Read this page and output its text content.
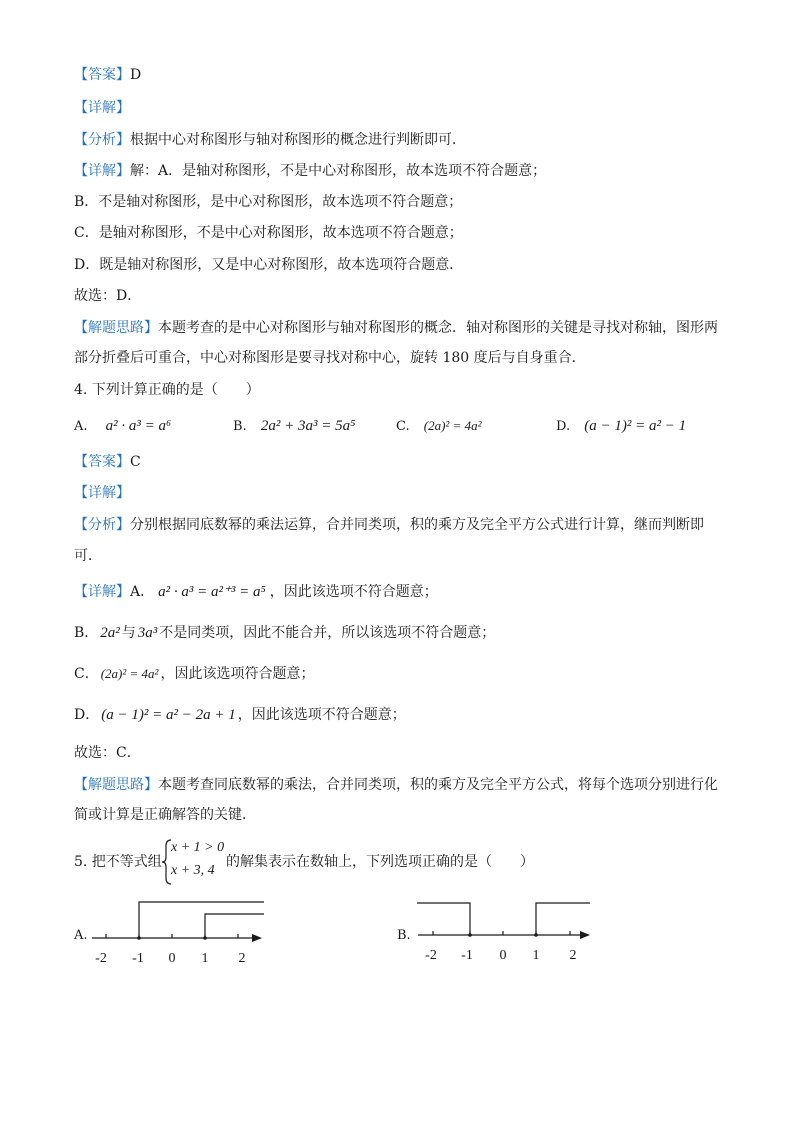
【答案】D
【详解】
【分析】根据中心对称图形与轴对称图形的概念进行判断即可．
【详解】解：A．是轴对称图形，不是中心对称图形，故本选项不符合题意；
B．不是轴对称图形，是中心对称图形，故本选项不符合题意；
C．是轴对称图形，不是中心对称图形，故本选项不符合题意；
D．既是轴对称图形，又是中心对称图形，故本选项符合题意．
故选：D．
【解题思路】本题考查的是中心对称图形与轴对称图形的概念．轴对称图形的关键是寻找对称轴，图形两
部分折叠后可重合，中心对称图形是要寻找对称中心，旋转 180 度后与自身重合．
4. 下列计算正确的是（　　）
A. a² · a³ = a⁶	B. 2a² + 3a³ = 5a⁵	C. (2a)² = 4a²	D. (a − 1)² = a² − 1
【答案】C
【详解】
【分析】分别根据同底数幂的乘法运算，合并同类项，积的乘方及完全平方公式进行计算，继而判断即
可．
【详解】A． a² · a³ = a²⁺³ = a⁵ ，因此该选项不符合题意；
B． 2a² 与 3a³ 不是同类项，因此不能合并，所以该选项不符合题意；
C． (2a)² = 4a² ，因此该选项符合题意；
D． (a − 1)² = a² − 2a + 1 ，因此该选项不符合题意；
故选：C．
【解题思路】本题考查同底数幂的乘法，合并同类项，积的乘方及完全平方公式，将每个选项分别进行化
简或计算是正确解答的关键．
5. 把不等式组
x + 1 > 0
x + 3, 4
的解集表示在数轴上，下列选项正确的是（　　）
A.
-2 -1 0 1 2
B.
-2 -1 0 1 2
